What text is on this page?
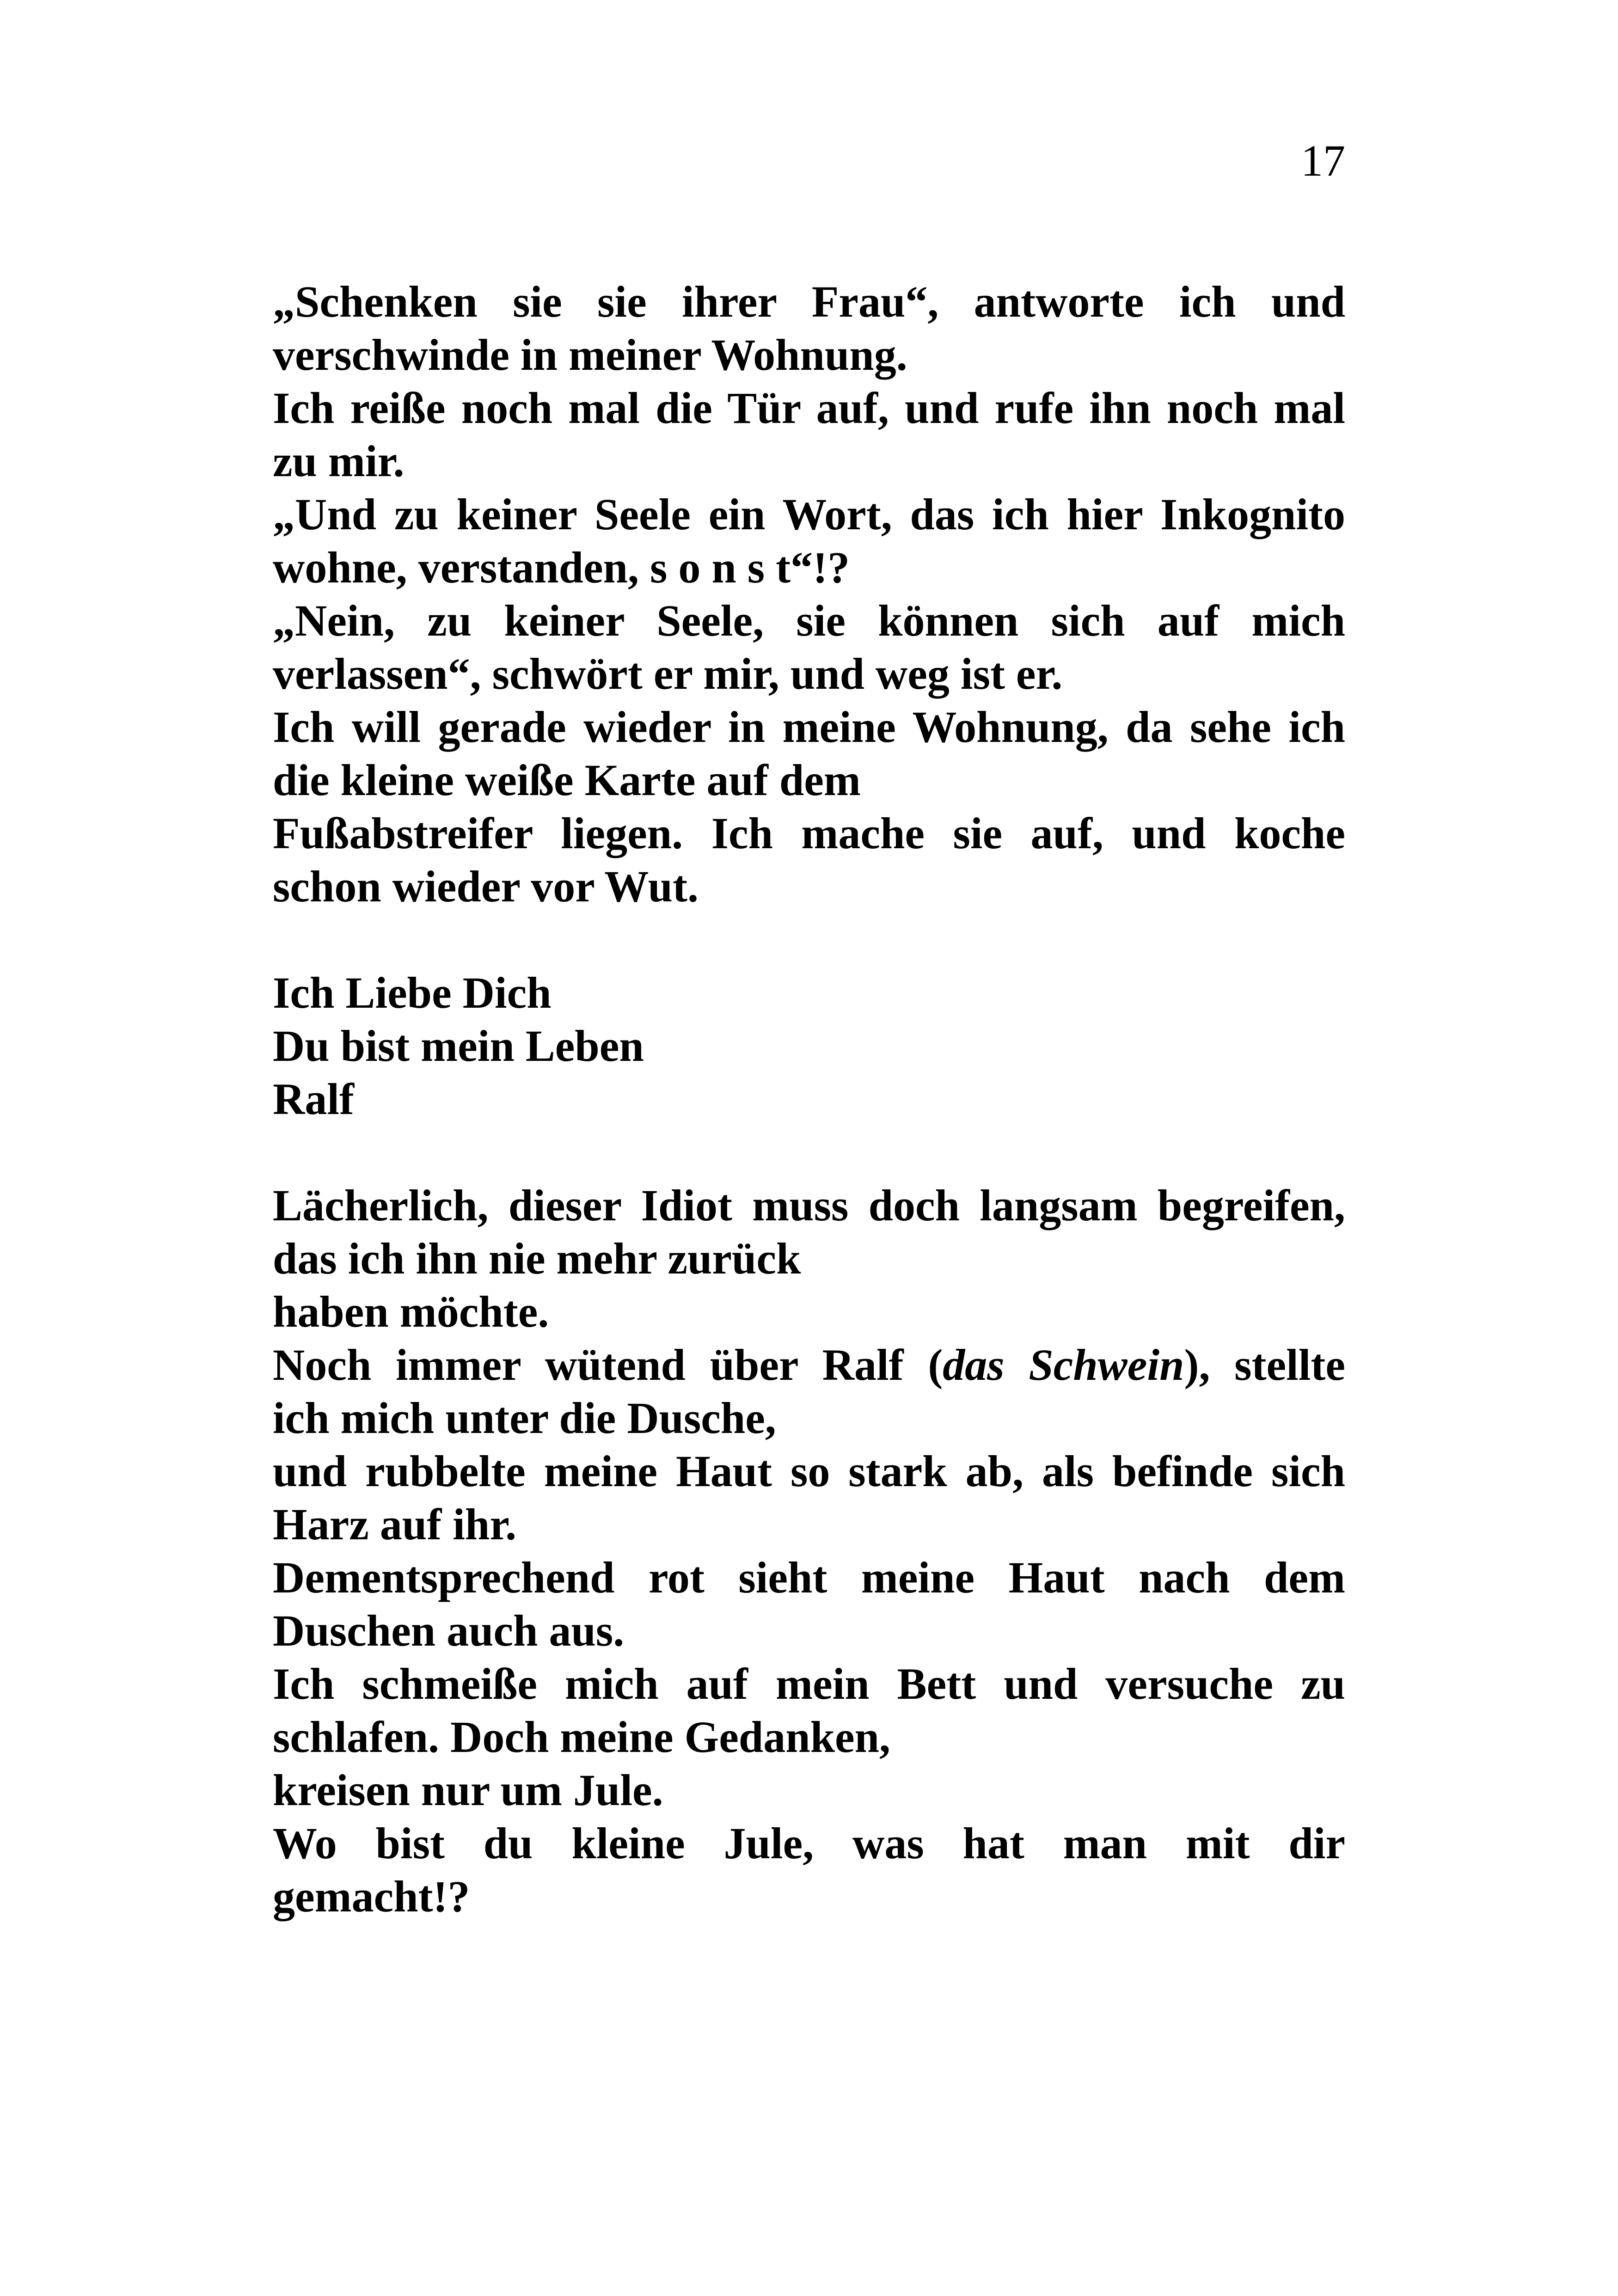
17
„Schenken sie sie ihrer Frau“, antworte ich und
verschwinde in meiner Wohnung.
Ich reiße noch mal die Tür auf, und rufe ihn noch mal
zu mir.
„Und zu keiner Seele ein Wort, das ich hier Inkognito
wohne, verstanden, s o n s t“!?
„Nein, zu keiner Seele, sie können sich auf mich
verlassen“, schwört er mir, und weg ist er.
Ich will gerade wieder in meine Wohnung, da sehe ich
die kleine weiße Karte auf dem
Fußabstreifer liegen. Ich mache sie auf, und koche
schon wieder vor Wut.
Ich Liebe Dich
Du bist mein Leben
Ralf
Lächerlich, dieser Idiot muss doch langsam begreifen,
das ich ihn nie mehr zurück
haben möchte.
Noch immer wütend über Ralf (das Schwein), stellte
ich mich unter die Dusche,
und rubbelte meine Haut so stark ab, als befinde sich
Harz auf ihr.
Dementsprechend rot sieht meine Haut nach dem
Duschen auch aus.
Ich schmeiße mich auf mein Bett und versuche zu
schlafen. Doch meine Gedanken,
kreisen nur um Jule.
Wo bist du kleine Jule, was hat man mit dir
gemacht!?
